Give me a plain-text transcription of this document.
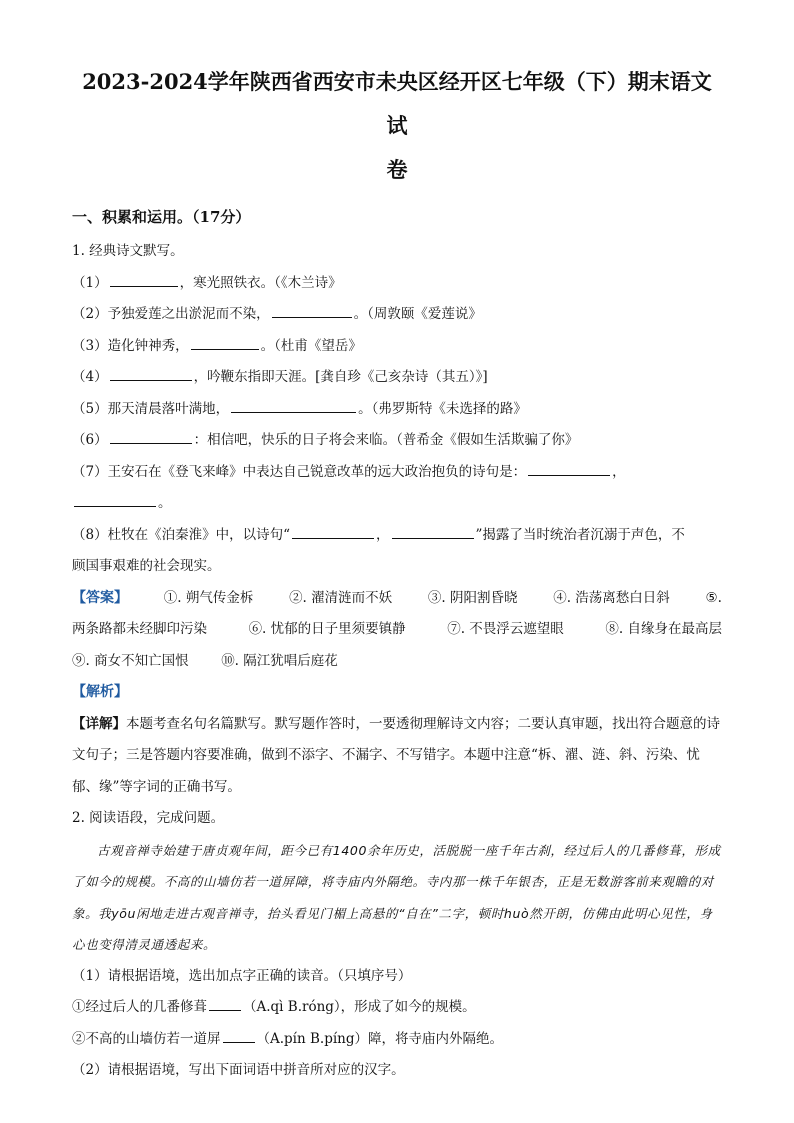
2023-2024学年陕西省西安市未央区经开区七年级（下）期末语文试

卷

一、积累和运用。（17分）
1. 经典诗文默写。
（1）	，寒光照铁衣。（《木兰诗》
（2）予独爱莲之出淤泥而不染，	。（周敦颐《爱莲说》
（3）造化钟神秀，	。（杜甫《望岳》
（4）	，吟鞭东指即天涯。[龚自珍《己亥杂诗（其五）》]
（5）那天清晨落叶满地，	。（弗罗斯特《未选择的路》
（6）	：相信吧，快乐的日子将会来临。（普希金《假如生活欺骗了你》
（7）王安石在《登飞来峰》中表达自己锐意改革的远大政治抱负的诗句是：	，
。
（8）杜牧在《泊秦淮》中，以诗句“	，	”揭露了当时统治者沉溺于声色，不
顾国事艰难的社会现实。
【答案】	①. 朔气传金柝	②. 濯清涟而不妖	③. 阴阳割昏晓	④. 浩荡离愁白日斜	⑤.
两条路都未经脚印污染	⑥. 忧郁的日子里须要镇静	⑦. 不畏浮云遮望眼	⑧. 自缘身在最高层
⑨. 商女不知亡国恨 ⑩. 隔江犹唱后庭花
【解析】
【详解】本题考查名句名篇默写。默写题作答时，一要透彻理解诗文内容；二要认真审题，找出符合题意的诗文句子；三是答题内容要准确，做到不添字、不漏字、不写错字。本题中注意“柝、濯、涟、斜、污染、忧郁、缘”等字词的正确书写。
2. 阅读语段，完成问题。
古观音禅寺始建于唐贞观年间，距今已有1400余年历史，活脱脱一座千年古刹，经过后人的几番修葺，形成了如今的规模。不高的山墙仿若一道屏障，将寺庙内外隔绝。寺内那一株千年银杏，正是无数游客前来观瞻的对象。我yōu闲地走进古观音禅寺，抬头看见门楣上高悬的“自在”二字，顿时huò然开朗，仿佛由此明心见性，身心也变得清灵通透起来。
（1）请根据语境，选出加点字正确的读音。（只填序号）
①经过后人的几番修葺	（A.qì B.róng），形成了如今的规模。
②不高的山墙仿若一道屏	（A.pín B.píng）障，将寺庙内外隔绝。
（2）请根据语境，写出下面词语中拼音所对应的汉字。
